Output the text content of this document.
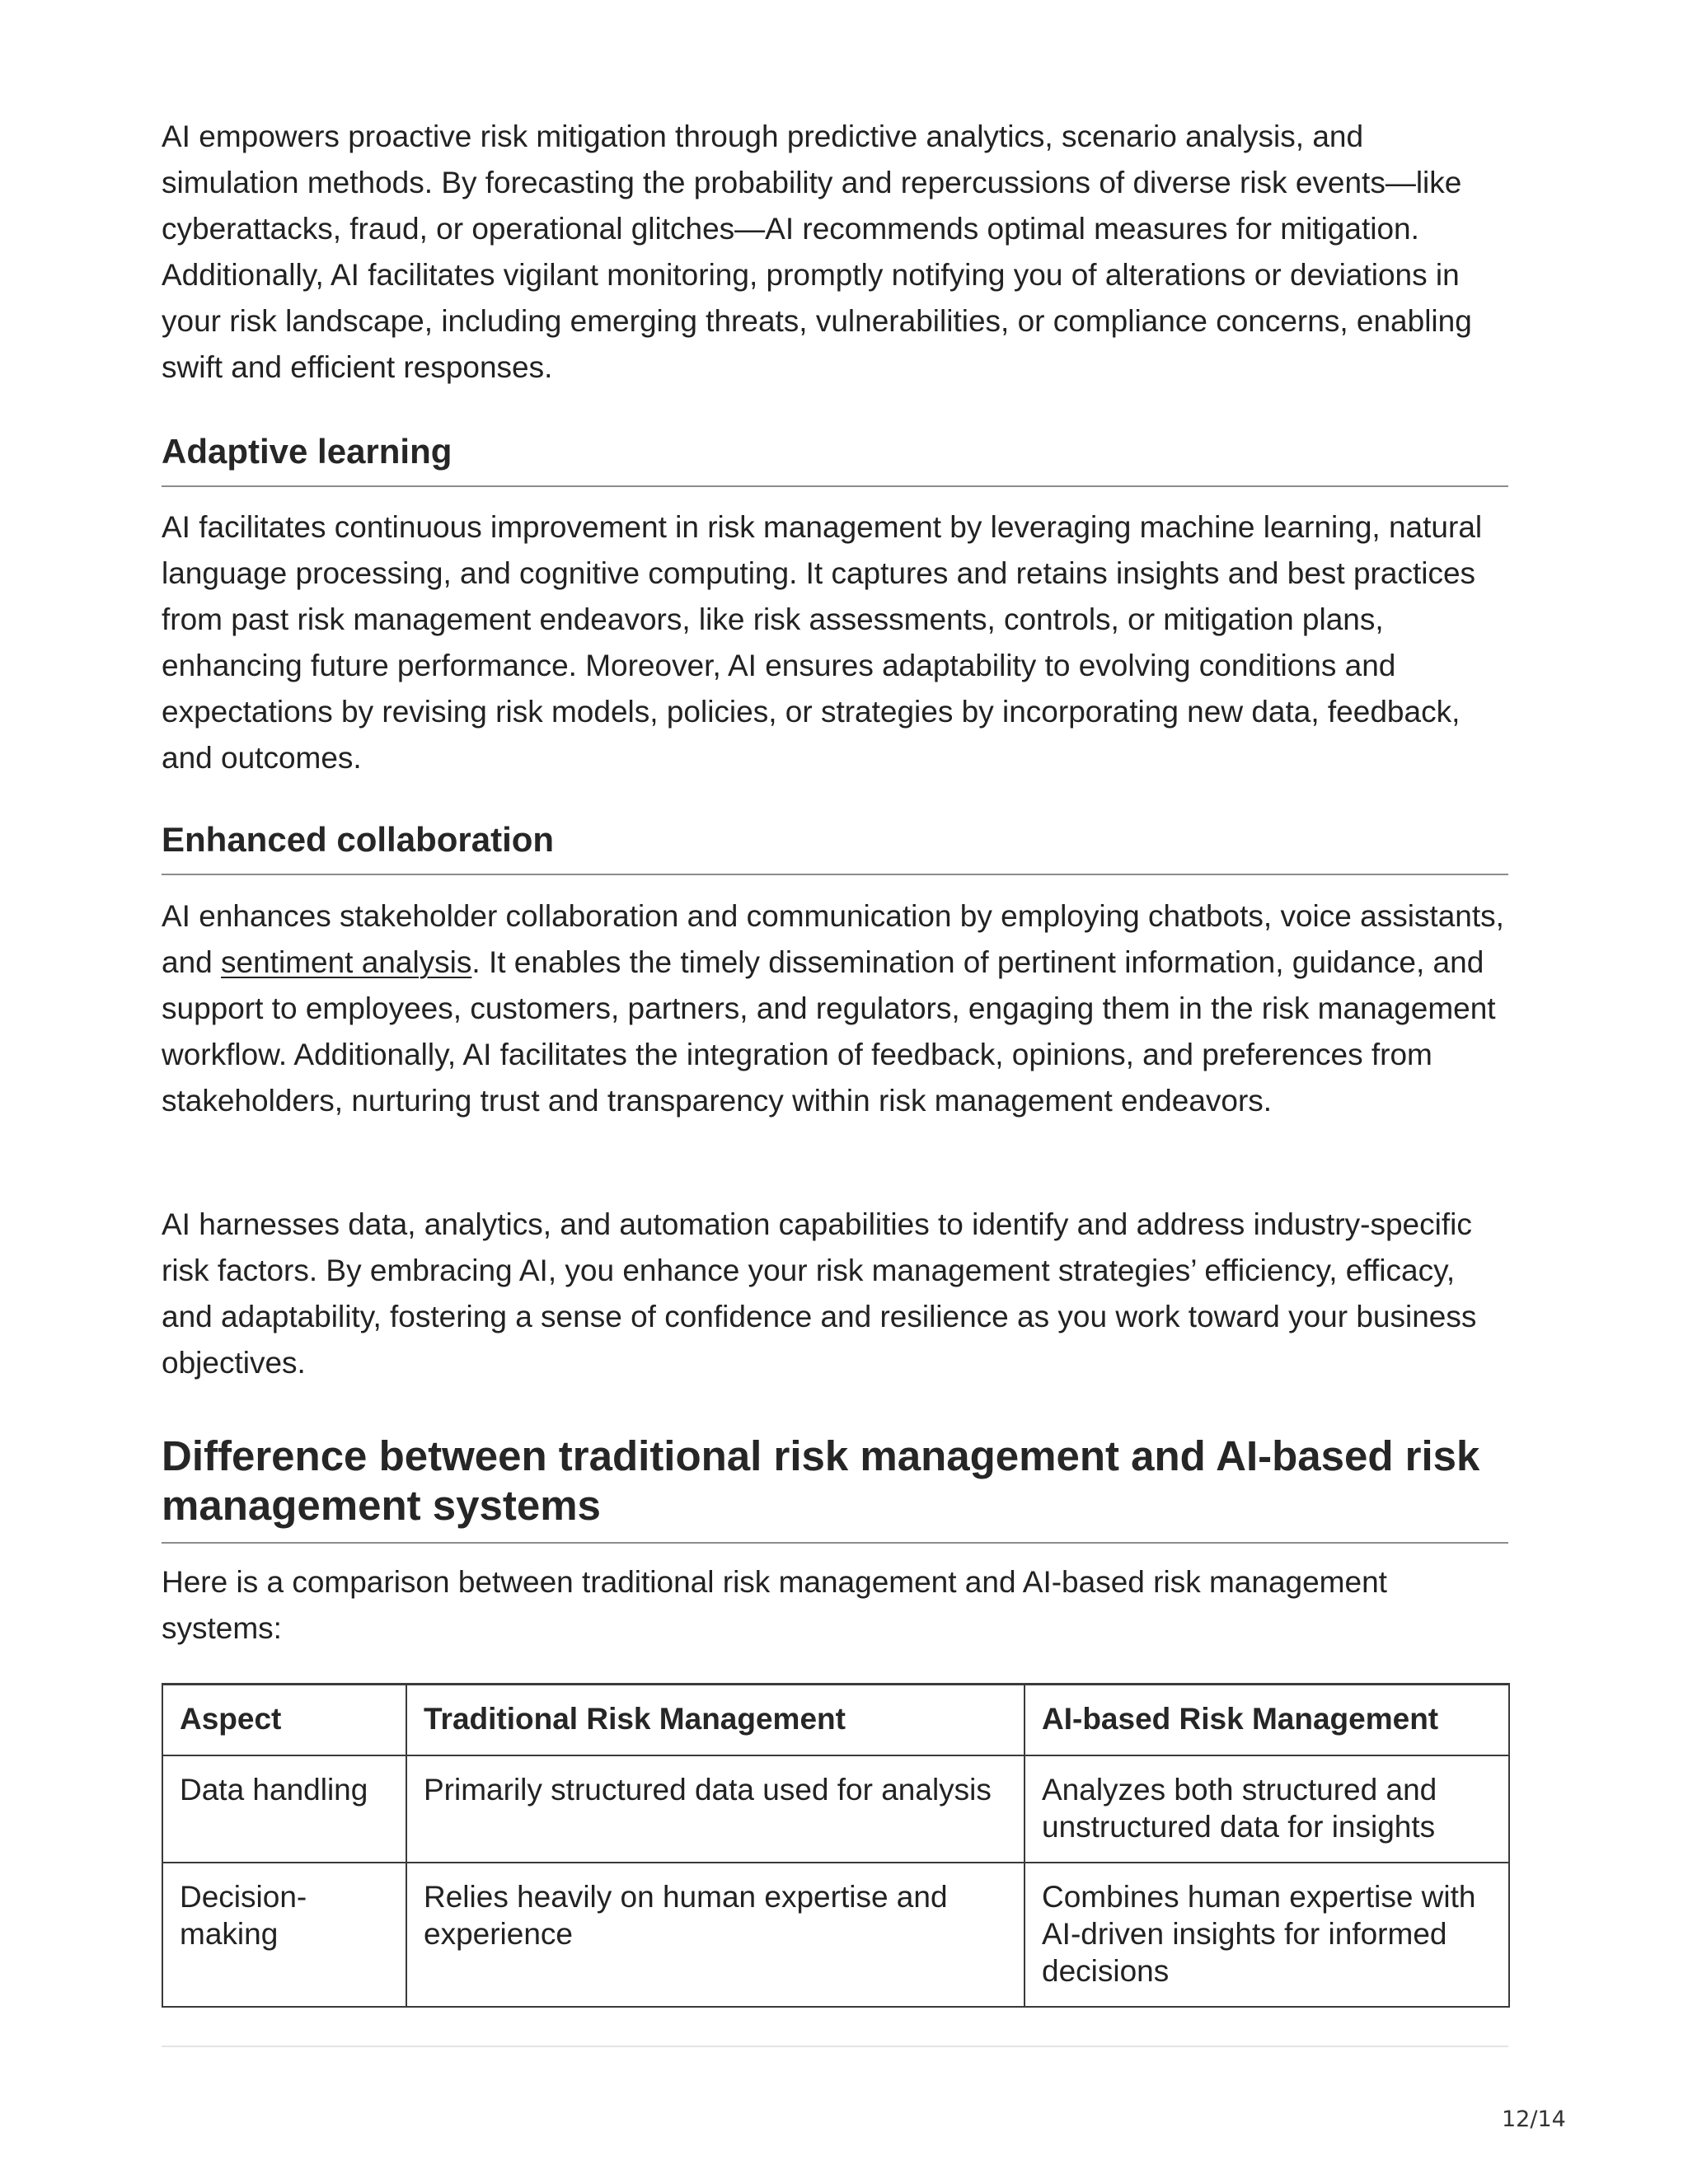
AI empowers proactive risk mitigation through predictive analytics, scenario analysis, and simulation methods. By forecasting the probability and repercussions of diverse risk events—like cyberattacks, fraud, or operational glitches—AI recommends optimal measures for mitigation. Additionally, AI facilitates vigilant monitoring, promptly notifying you of alterations or deviations in your risk landscape, including emerging threats, vulnerabilities, or compliance concerns, enabling swift and efficient responses.

Adaptive learning

AI facilitates continuous improvement in risk management by leveraging machine learning, natural language processing, and cognitive computing. It captures and retains insights and best practices from past risk management endeavors, like risk assessments, controls, or mitigation plans, enhancing future performance. Moreover, AI ensures adaptability to evolving conditions and expectations by revising risk models, policies, or strategies by incorporating new data, feedback, and outcomes.

Enhanced collaboration

AI enhances stakeholder collaboration and communication by employing chatbots, voice assistants, and sentiment analysis. It enables the timely dissemination of pertinent information, guidance, and support to employees, customers, partners, and regulators, engaging them in the risk management workflow. Additionally, AI facilitates the integration of feedback, opinions, and preferences from stakeholders, nurturing trust and transparency within risk management endeavors.

AI harnesses data, analytics, and automation capabilities to identify and address industry-specific risk factors. By embracing AI, you enhance your risk management strategies’ efficiency, efficacy, and adaptability, fostering a sense of confidence and resilience as you work toward your business objectives.

Difference between traditional risk management and AI-based risk management systems

Here is a comparison between traditional risk management and AI-based risk management systems:

Aspect	Traditional Risk Management	AI-based Risk Management
Data handling	Primarily structured data used for analysis	Analyzes both structured and unstructured data for insights
Decision-making	Relies heavily on human expertise and experience	Combines human expertise with AI-driven insights for informed decisions
12/14
